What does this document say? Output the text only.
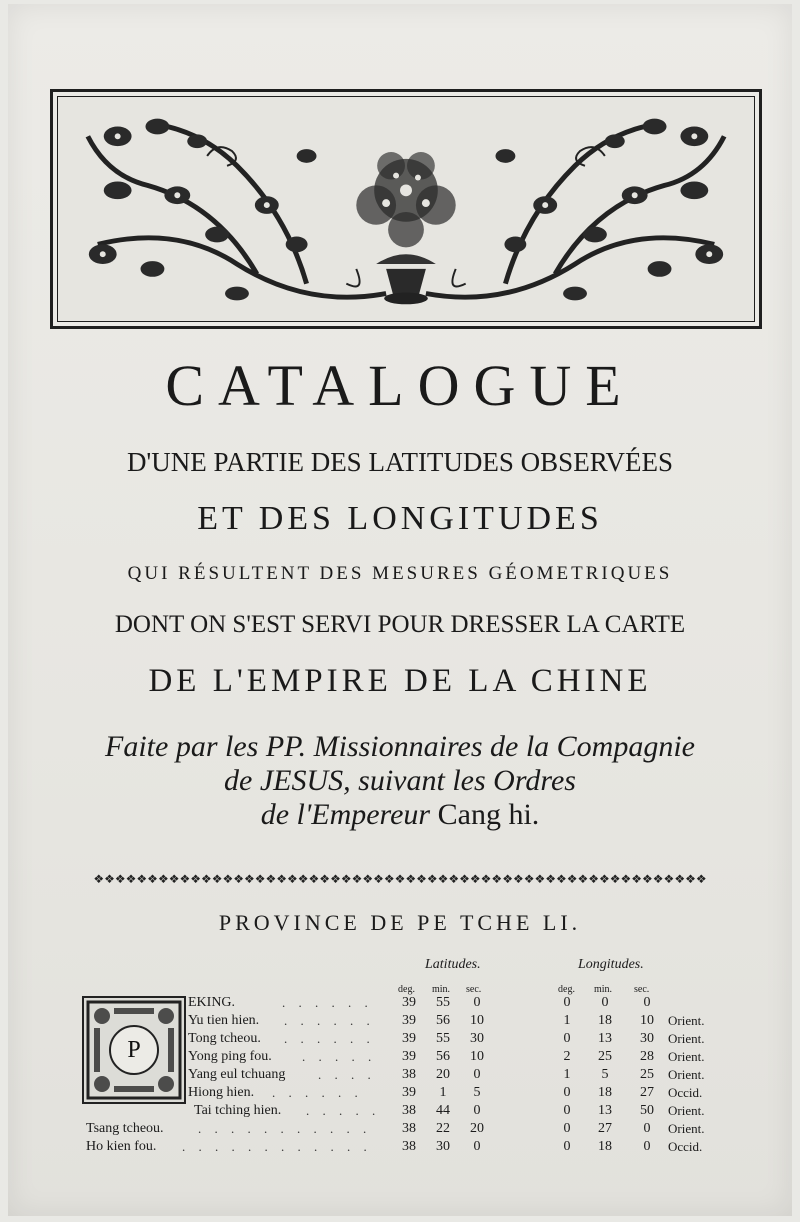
CATALOGUE
D'UNE PARTIE DES LATITUDES OBSERVÉES
ET DES LONGITUDES
QUI RÉSULTENT DES MESURES GÉOMETRIQUES
DONT ON S'EST SERVI POUR DRESSER LA CARTE
DE L'EMPIRE DE LA CHINE
Faite par les PP. Missionnaires de la Compagnie
de JESUS, suivant les Ordres
de l'Empereur Cang hi.
❖❖❖❖❖❖❖❖❖❖❖❖❖❖❖❖❖❖❖❖❖❖❖❖❖❖❖❖❖❖❖❖❖❖❖❖❖❖❖❖❖❖❖❖❖❖❖❖❖❖❖❖❖❖❖❖❖
PROVINCE DE PE TCHE LI.
Latitudes.	Longitudes.
deg. min. sec.	deg. min. sec.
P
EKING.	. . . . . .	39	55	0	0	0	0
Yu tien hien. . . . . . .	39	56	10	1	18	10	Orient.
Tong tcheou. . . . . . .	39	55	30	0	13	30	Orient.
Yong ping fou. . . . . .	39	56	10	2	25	28	Orient.
Yang eul tchuang	. . . .	38	20	0	1	5	25	Orient.
Hiong hien. . . . . . .	39	1	5	0	18	27	Occid.
Tai tching hien. . . . . .	38	44	0	0	13	50	Orient.
Tsang tcheou.	. . . . . . . . . . .	38	22	20	0	27	0	Orient.
Ho kien fou. . . . . . . . . . . . .	38	30	0	0	18	0	Occid.
